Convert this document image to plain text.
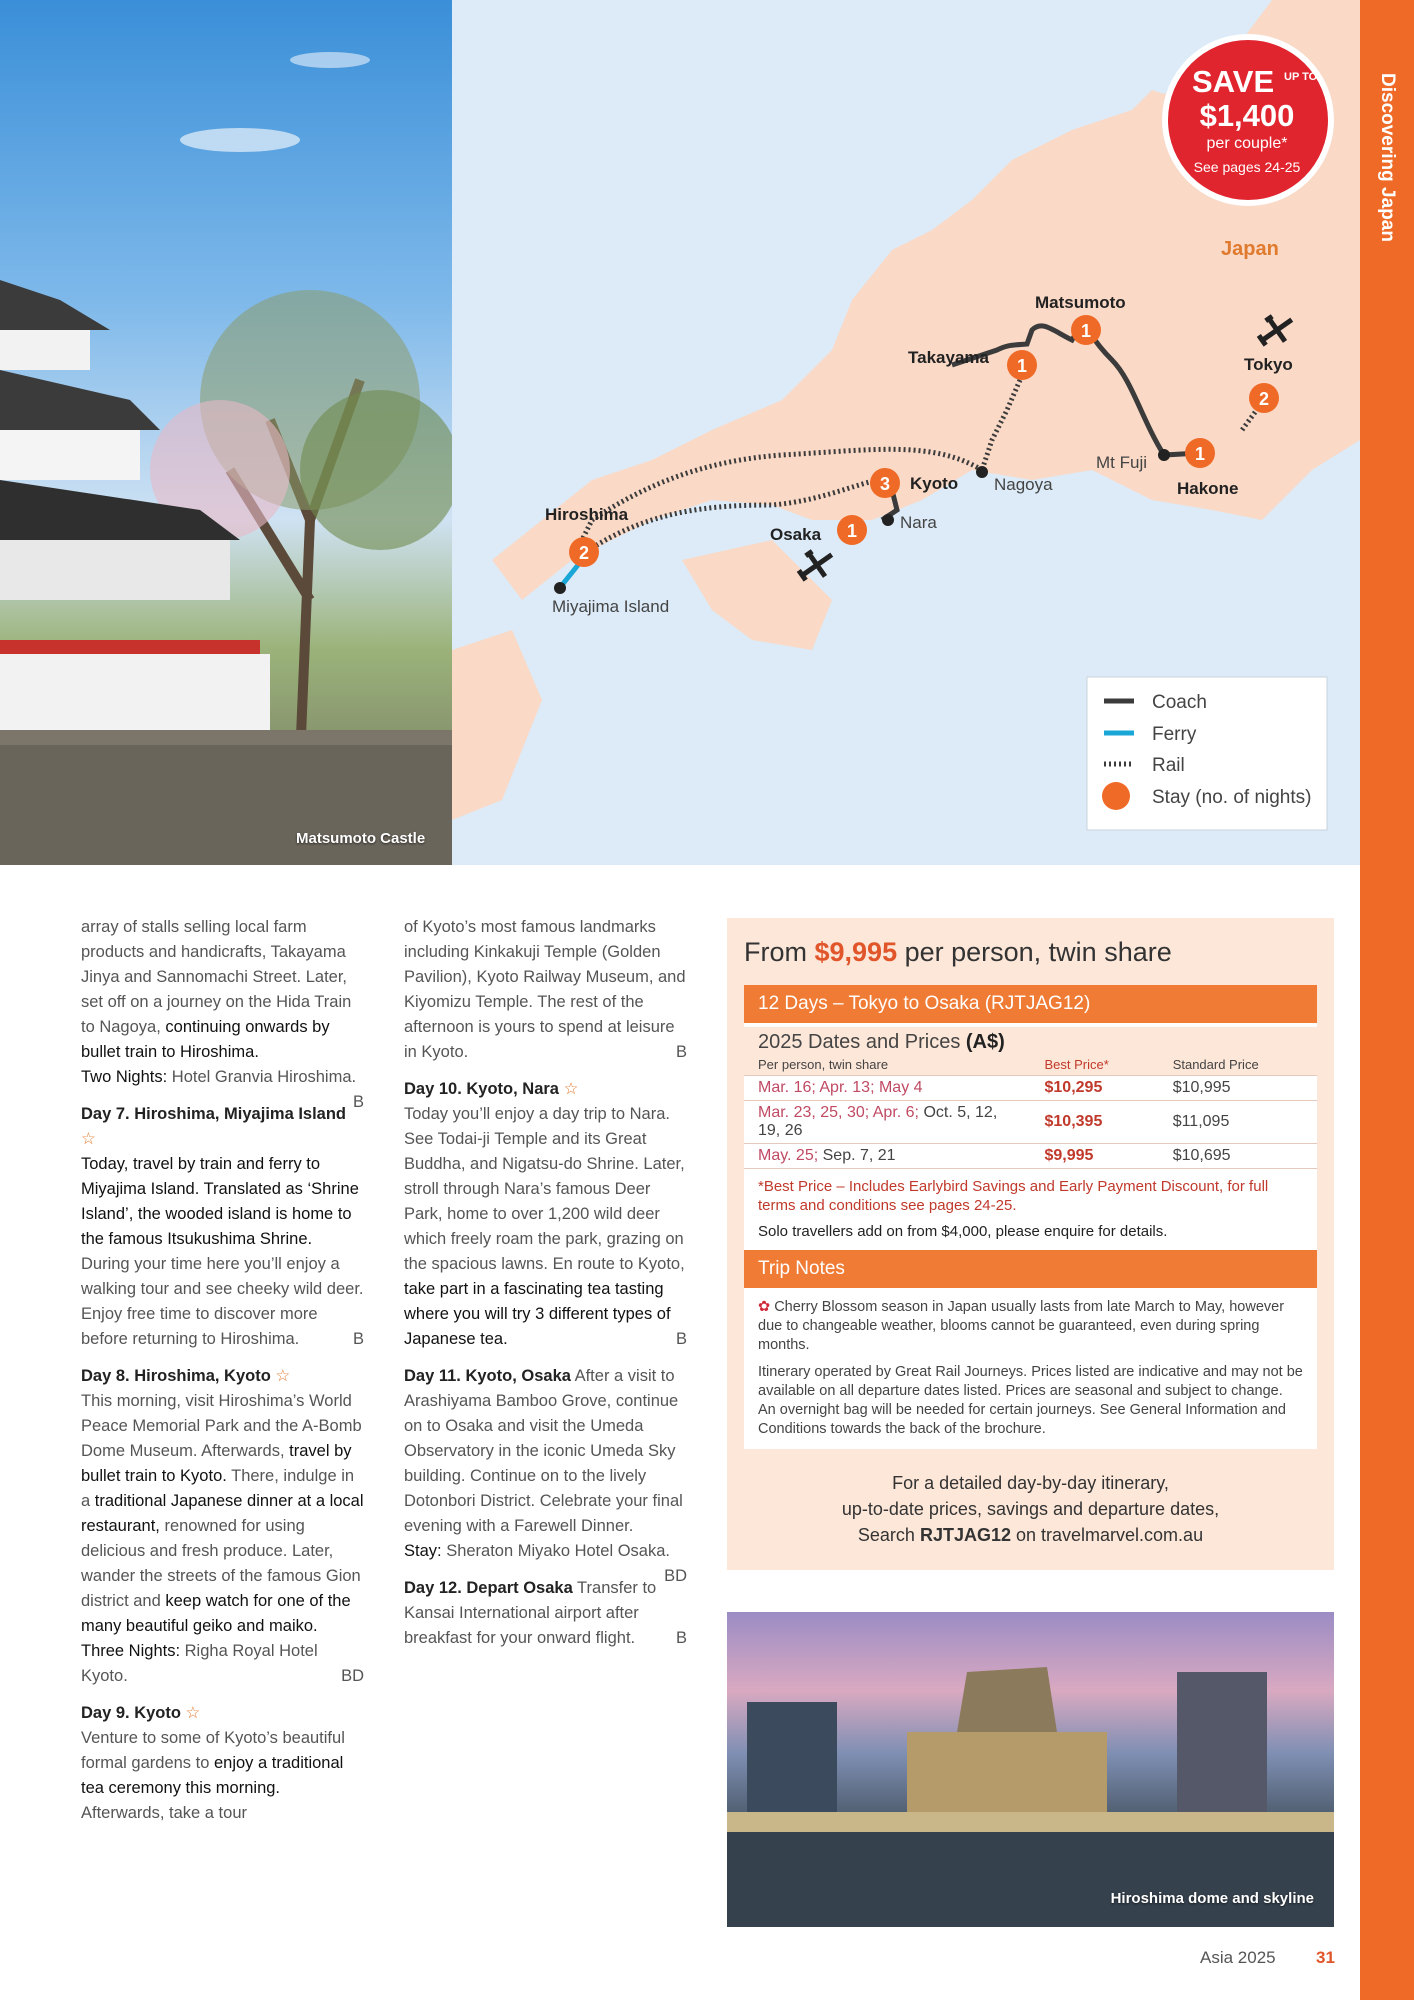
Matsumoto Castle
1
1
2
1
3
1
2
Matsumoto
Takayama	Tokyo
Mt Fuji
Hakone
Nagoya
Kyoto
Nara
Osaka
Hiroshima
Miyajima Island
Japan
SAVE UP TO
$1,400
per couple*
See pages 24-25
Coach
Ferry
Rail
Stay (no. of nights)
Discovering Japan

array of stalls selling local farm products and handicrafts, Takayama Jinya and Sannomachi Street. Later, set off on a journey on the Hida Train to Nagoya, continuing onwards by bullet train to Hiroshima.
Two Nights: Hotel Granvia Hiroshima.
B

Day 7. Hiroshima, Miyajima Island ☆
Today, travel by train and ferry to Miyajima Island. Translated as ‘Shrine Island’, the wooded island is home to the famous Itsukushima Shrine. During your time here you’ll enjoy a walking tour and see cheeky wild deer. Enjoy free time to discover more before returning to Hiroshima.	B

Day 8. Hiroshima, Kyoto ☆
This morning, visit Hiroshima’s World Peace Memorial Park and the A-Bomb Dome Museum. Afterwards, travel by bullet train to Kyoto. There, indulge in a traditional Japanese dinner at a local restaurant, renowned for using delicious and fresh produce. Later, wander the streets of the famous Gion district and keep watch for one of the many beautiful geiko and maiko.
Three Nights: Righa Royal Hotel Kyoto.	BD

Day 9. Kyoto ☆
Venture to some of Kyoto’s beautiful formal gardens to enjoy a traditional tea ceremony this morning. Afterwards, take a tour

of Kyoto’s most famous landmarks including Kinkakuji Temple (Golden Pavilion), Kyoto Railway Museum, and Kiyomizu Temple. The rest of the afternoon is yours to spend at leisure in Kyoto.	B

Day 10. Kyoto, Nara ☆
Today you’ll enjoy a day trip to Nara. See Todai-ji Temple and its Great Buddha, and Nigatsu-do Shrine. Later, stroll through Nara’s famous Deer Park, home to over 1,200 wild deer which freely roam the park, grazing on the spacious lawns. En route to Kyoto, take part in a fascinating tea tasting where you will try 3 different types of Japanese tea.	B

Day 11. Kyoto, Osaka After a visit to Arashiyama Bamboo Grove, continue on to Osaka and visit the Umeda Observatory in the iconic Umeda Sky building. Continue on to the lively Dotonbori District. Celebrate your final evening with a Farewell Dinner.
Stay: Sheraton Miyako Hotel Osaka.
BD

Day 12. Depart Osaka Transfer to Kansai International airport after breakfast for your onward flight. B

From $9,995 per person, twin share
12 Days – Tokyo to Osaka (RJTJAG12)
2025 Dates and Prices (A$)
Per person, twin share	Best Price*	Standard Price
Mar. 16; Apr. 13; May 4	$10,295	$10,995
Mar. 23, 25, 30; Apr. 6; Oct. 5, 12, 19, 26	$10,395	$11,095
May. 25; Sep. 7, 21	$9,995	$10,695
*Best Price – Includes Earlybird Savings and Early Payment Discount, for full terms and conditions see pages 24-25.
Solo travellers add on from $4,000, please enquire for details.
Trip Notes
✿ Cherry Blossom season in Japan usually lasts from late March to May, however due to changeable weather, blooms cannot be guaranteed, even during spring months.
Itinerary operated by Great Rail Journeys. Prices listed are indicative and may not be available on all departure dates listed. Prices are seasonal and subject to change. An overnight bag will be needed for certain journeys. See General Information and Conditions towards the back of the brochure.
For a detailed day-by-day itinerary,
up-to-date prices, savings and departure dates,
Search RJTJAG12 on travelmarvel.com.au
Hiroshima dome and skyline
Asia 2025 31
